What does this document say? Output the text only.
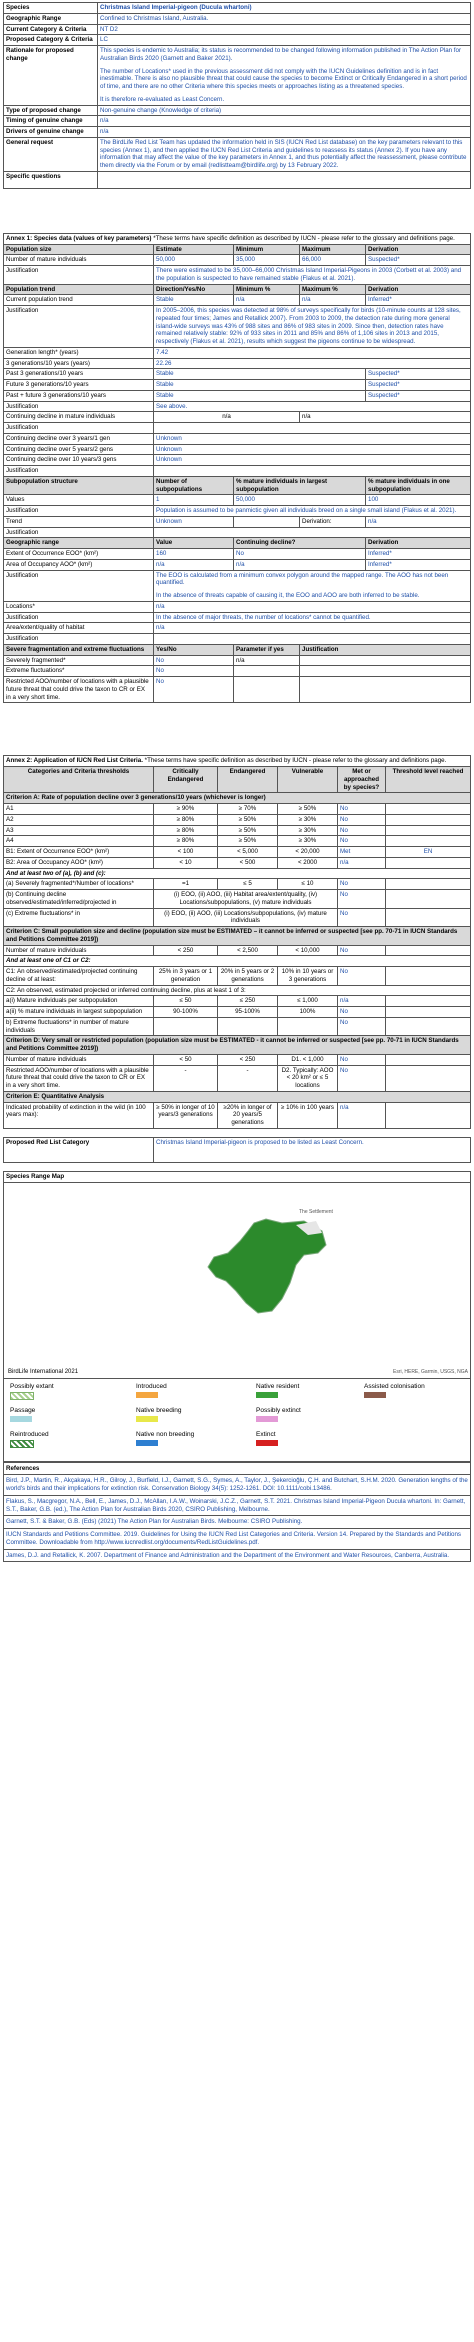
Species	Christmas Island Imperial-pigeon (Ducula whartoni)
Geographic Range	Confined to Christmas Island, Australia.
Current Category & Criteria	NT D2
Proposed Category & Criteria	LC
Rationale for proposed change	This species is endemic to Australia; its status is recommended to be changed following information published in The Action Plan for Australian Birds 2020 (Garnett and Baker 2021).

The number of Locations* used in the previous assessment did not comply with the IUCN Guidelines definition and is in fact inestimable. There is also no plausible threat that could cause the species to become Extinct or Critically Endangered in a short period of time, and there are no other Criteria where this species meets or approaches listing as a threatened species.

It is therefore re-evaluated as Least Concern.

Type of proposed change	Non-genuine change (Knowledge of criteria)
Timing of genuine change	n/a
Drivers of genuine change	n/a
General request	The BirdLife Red List Team has updated the information held in SIS (IUCN Red List database) on the key parameters relevant to this species (Annex 1), and then applied the IUCN Red List Criteria and guidelines to reassess its status (Annex 2). If you have any information that may affect the value of the key parameters in Annex 1, and thus potentially affect the reassessment, please contribute them directly via the Forum or by email (redlistteam@birdlife.org) by 13 February 2022.
Specific questions	
Annex 1: Species data (values of key parameters) *These terms have specific definition as described by IUCN - please refer to the glossary and definitions page.				
Population size	Estimate	Minimum	Maximum	Derivation
Number of mature individuals	50,000	35,000	66,000	Suspected*
Justification	There were estimated to be 35,000–66,000 Christmas Island Imperial-Pigeons in 2003 (Corbett et al. 2003) and the population is suspected to have remained stable (Flakus et al. 2021).			
Population trend	Direction/Yes/No	Minimum %	Maximum %	Derivation
Current population trend	Stable	n/a	n/a	Inferred*
Justification	In 2005–2006, this species was detected at 98% of surveys specifically for birds (10-minute counts at 128 sites, repeated four times; James and Retallick 2007). From 2003 to 2009, the detection rate during more general island-wide surveys was 43% of 988 sites and 86% of 983 sites in 2009. Since then, detection rates have remained relatively stable: 92% of 933 sites in 2011 and 85% and 86% of 1,106 sites in 2013 and 2015, respectively (Flakus et al. 2021), results which suggest the pigeons continue to be widespread.			
Generation length* (years)	7.42			
3 generations/10 years (years)	22.26			
Past 3 generations/10 years	Stable			Suspected*
Future 3 generations/10 years	Stable			Suspected*
Past + future 3 generations/10 years	Stable			Suspected*
Justification	See above.			
Continuing decline in mature individuals	n/a		n/a	
Justification				
Continuing decline over 3 years/1 gen	Unknown			
Continuing decline over 5 years/2 gens	Unknown			
Continuing decline over 10 years/3 gens	Unknown			
Justification				
Subpopulation structure	Number of subpopulations	% mature individuals in largest subpopulation		% mature individuals in one subpopulation
Values	1	50,000		100
Justification	Population is assumed to be panmictic given all individuals breed on a single small island (Flakus et al. 2021).			
Trend	Unknown		Derivation:	n/a
Justification				
Geographic range	Value	Continuing decline?		Derivation
Extent of Occurrence EOO* (km²)	160	No		Inferred*
Area of Occupancy AOO* (km²)	n/a	n/a		Inferred*
Justification	The EOO is calculated from a minimum convex polygon around the mapped range. The AOO has not been quantified.

In the absence of threats capable of causing it, the EOO and AOO are both inferred to be stable.			

Locations*	n/a			
Justification	In the absence of major threats, the number of locations* cannot be quantified.			
Area/extent/quality of habitat	n/a			
Justification				
Severe fragmentation and extreme fluctuations	Yes/No	Parameter if yes	Justification	
Severely fragmented*	No	n/a		
Extreme fluctuations*	No			
Restricted AOO/number of locations with a plausible future threat that could drive the taxon to CR or EX in a very short time.	No			
Annex 2: Application of IUCN Red List Criteria. *These terms have specific definition as described by IUCN - please refer to the glossary and definitions page.					
Categories and Criteria thresholds	Critically Endangered	Endangered	Vulnerable	Met or approached by species?	Threshold level reached
Criterion A: Rate of population decline over 3 generations/10 years (whichever is longer)					
A1	≥ 90%	≥ 70%	≥ 50%	No	
A2	≥ 80%	≥ 50%	≥ 30%	No	
A3	≥ 80%	≥ 50%	≥ 30%	No	
A4	≥ 80%	≥ 50%	≥ 30%	No	
B1: Extent of Occurrence EOO* (km²)	< 100	< 5,000	< 20,000	Met	EN
B2: Area of Occupancy AOO* (km²)	< 10	< 500	< 2000	n/a	
And at least two of (a), (b) and (c):					
(a) Severely fragmented*/Number of locations*	=1	≤ 5	≤ 10	No	
(b) Continuing decline observed/estimated/inferred/projected in	(i) EOO, (ii) AOO, (iii) Habitat area/extent/quality, (iv) Locations/subpopulations, (v) mature individuals			No	
(c) Extreme fluctuations* in	(i) EOO, (ii) AOO, (iii) Locations/subpopulations, (iv) mature individuals			No	
Criterion C: Small population size and decline (population size must be ESTIMATED – it cannot be inferred or suspected [see pp. 70-71 in IUCN Standards and Petitions Committee 2019])					
Number of mature individuals	< 250	< 2,500	< 10,000	No	
And at least one of C1 or C2:					
C1: An observed/estimated/projected continuing decline of at least:	25% in 3 years or 1 generation	20% in 5 years or 2 generations	10% in 10 years or 3 generations	No	
C2: An observed, estimated projected or inferred continuing decline, plus at least 1 of 3:					
a(i) Mature individuals per subpopulation	≤ 50	≤ 250	≤ 1,000	n/a	
a(ii) % mature individuals in largest subpopulation	90-100%	95-100%	100%	No	
b) Extreme fluctuations* in number of mature individuals				No	
Criterion D: Very small or restricted population (population size must be ESTIMATED - it cannot be inferred or suspected [see pp. 70-71 in IUCN Standards and Petitions Committee 2019])					
Number of mature individuals	< 50	< 250	D1. < 1,000	No	
Restricted AOO/number of locations with a plausible future threat that could drive the taxon to CR or EX in a very short time.	-	-	D2. Typically: AOO < 20 km² or ≤ 5 locations	No	
Criterion E: Quantitative Analysis					
Indicated probability of extinction in the wild (in 100 years max):	≥ 50% in longer of 10 years/3 generations	≥20% in longer of 20 years/5 generations	≥ 10% in 100 years	n/a	
Proposed Red List Category	Christmas Island Imperial-pigeon is proposed to be listed as Least Concern.
Species Range Map
The Settlement
BirdLife International 2021	Esri, HERE, Garmin, USGS, NGA
Possibly extant	Introduced	Native resident	Assisted colonisation
Passage	Native breeding	Possibly extinct
Reintroduced	Native non breeding	Extinct
References
Bird, J.P., Martin, R., Akçakaya, H.R., Gilroy, J., Burfield, I.J., Garnett, S.G., Symes, A., Taylor, J., Şekercioğlu, Ç.H. and Butchart, S.H.M. 2020. Generation lengths of the world's birds and their implications for extinction risk. Conservation Biology 34(5): 1252-1261. DOI: 10.1111/cobi.13486.
Flakus, S., Macgregor, N.A., Bell, E., James, D.J., McAllan, I.A.W., Woinarski, J.C.Z., Garnett, S.T. 2021. Christmas Island Imperial-Pigeon Ducula whartoni. In: Garnett, S.T., Baker, G.B. (ed.), The Action Plan for Australian Birds 2020, CSIRO Publishing, Melbourne.
Garnett, S.T. & Baker, G.B. (Eds) (2021) The Action Plan for Australian Birds. Melbourne: CSIRO Publishing.
IUCN Standards and Petitions Committee. 2019. Guidelines for Using the IUCN Red List Categories and Criteria. Version 14. Prepared by the Standards and Petitions Committee. Downloadable from http://www.iucnredlist.org/documents/RedListGuidelines.pdf.
James, D.J. and Retallick, K. 2007. Department of Finance and Administration and the Department of the Environment and Water Resources, Canberra, Australia.
